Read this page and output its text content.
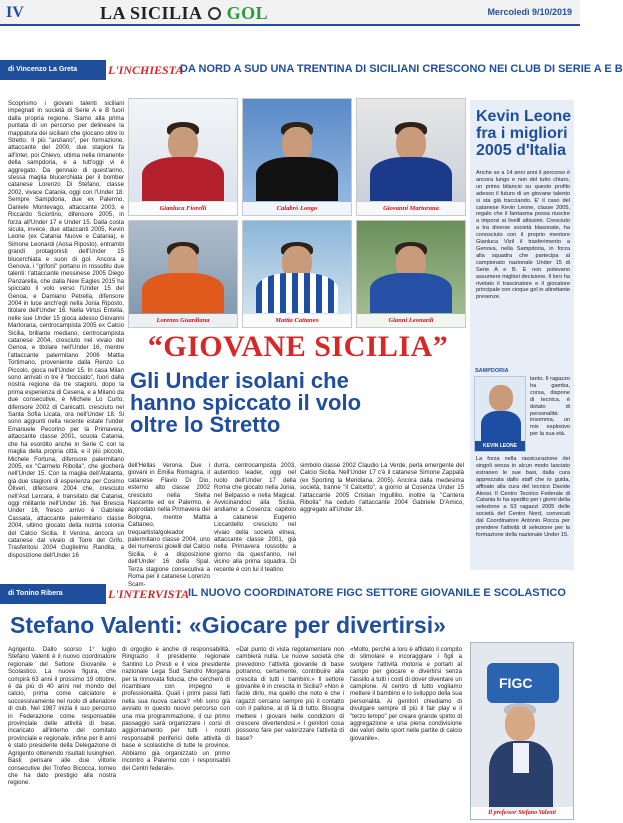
IV	LA SICILIA GOL	Mercoledì 9/10/2019
di Vincenzo La Greta	L'INCHIESTA
DA NORD A SUD UNA TRENTINA DI SICILIANI CRESCONO NEI CLUB DI SERIE A E B
Scoprismo i giovani talenti siciliani impegnati in società di Serie A e B fuori dalla propria regione. Siamo alla prima puntata di un percorso per delineare la mappatura dei siciliani che giocano oltre lo Stretto. Il più "anziano", per formazione, attaccante del 2000, due stagioni fa all'Inter, poi Chievo, ultima nella rimanente della sampdoria, e a tutt'oggi vi è aggregato. Da gennaio di quest'anno, stessa maglia blucerchiata per il bomber catanese Lorenzo Di Stefano, classe 2002, vivace Catania, oggi con l'Under 18. Sempre Sampdoria, due ex Palermo, Daniele Montevago, attaccante 2003, e Riccardo Sciortino, difensore 2005, in forza all'Under 17 e Under 15. Dalla costa sicula, invece, due attaccanti 2005, Kevin Leone (ex Catania Nuove e Catania), e Simone Leonardi (Aosa Riposto), entrambi grandi protagonisti dell'Under 15 blucerchiata e suon di gol. Ancora a Genova, i "grifoni" portano in rossoblu due talenti: l'attaccante messinese 2005 Diego Panzarella, che dalla New Eagles 2015 ha spiccato il volo verso l'Under 15 del Genoa, e Damiano Petrella, difensore 2004 in luce anch'egli nella Jonia Riposto, titolare dell'Under 16. Nella Virtus Entella, nelle sue Under 15 gioca adesso Giovanni Martorana, centrocampista 2005 ex Calcio Sicilia, brillante mediano, centrocampista catanese 2004, cresciuto nel vivaio del Genoa, e titolare nell'Under 16, mentre l'attaccante palermitano 2006 Mattia Tortimano, proveniente dalla Renzo Lo Piccolo, gioca nell'Under 15. In casa Milan sono arrivati in tre il "bocciato", fuori dalla nostra regione da tre stagioni, dopo la prima esperienza di Cesena, e a Milano da due consecutive, è Michele Lo Curto, difensore 2002 di Canicattì, cresciuto nel Santa Sofia Licata, ora nell'Under 18. Si sono aggiunti nella recente estate l'under Emanuele Pecorino per la Primavera, attaccante classe 2001, scuola Catania, che ha esordito anche in Serie C con la maglia della propria città, e il più piccolo, Michele Fortuna, difensore palermitano 2005, ex "Carmelo Ribolla", che giocherà nell'Under 15. Con la maglia dell'Atalanta, già due stagioni di esperienza per Cosimo Oliveri, difensore 2004 che, cresciuto nell'Asd Lercara, è transitato dal Catania, oggi militante nell'Under 16. Nei Brescia Under 16, fresco arrivo è Gabriele Cassata, attaccante palermitano classe 2004, ultimo giocato della nutrita colonia del Calcio Sicilia. Il Verona, ancora un catanese dal vivaio di Torre del Grifo. Trasferitosi 2004 Guglielmo Randita, a disposizione dell'Under 16
Gianluca Fiorelli	Calabrò Longo	Giovanni Martorana
Lorenzo Guardiana	Mattia Cattaneo	Gianni Leonardi
“GIOVANE SICILIA”
Gli Under isolani che hanno spiccato il volo oltre lo Stretto
dell'Hellas Verona. Due i giovani in Emilia Romagna, il catanese Flavio Di Dio, esterno alto classe 2002 cresciuto nella Stella Nascente ed ex Palermo, è approdato nella Primavera del Bologna, mentre Mattia Cattaneo, trequartista/goleador palermitano classe 2004, uno dei numerosi gioielli del Calcio Sicilia, è a disposizione dell'Under 16 della Spal. Terza stagione consecutiva a Roma per il catanese Lorenzo Scam-
durra, centrocampista 2003, autentico leader, oggi nel ruolo dell'Under 17 della Roma che giocato nella Jonia, nel Belpasso e nella Magical. Avvicinandoci alla Sicilia, andiamo a Cosenza: capitolo a catanese Eugenio Liccardello cresciuto nel vivaio della società etnea, attaccante classe 2001, già nella Primavera rossoblu a giorno da quest'anno, nel vicino alla prima squadra. Di recente è con lui il teatino
simbolo classe 2002 Claudio La Verde, perla emergente del Calcio Sicilia. Nell'Under 17 c'è il catanese Simone Zappalà (ex Sporting la Meridiana, 2005). Ancora dalla medesima società, tranne "il Calcetto", a giorno al Cosenza Under 15 l'attaccante 2005 Cristian Ingullilio, inoltre la "Cantera Ribolla" ha ceduto l'attaccante 2004 Gabriele D'Amico, aggregato all'Under 18.
Kevin Leone fra i migliori 2005 d'Italia
Anche se a 14 anni anni il percorso è ancora lungo e non del tutto chiaro, un primo bilancio su questo profilo adesso il futuro di un giovane talento si sta già tracciando. E' il caso del catanese Kevin Leone, classe 2005, regalo che il fantasma possa riuscire a imporsi ai livelli altissimi. Cresciuto a tra diverse società blasonate, ha conosciuto con il proprio mentore Gianluca Vizil il trasferimento a Genova, nella Sampdoria, in forza alla squadra che partecipa al campionato nazionale Under 15 di Serie A e B. E non potevano assumere migliori decisione. Il loro ha rivelato il trascinatore e il giocatore principale con cinque gol in altrettante presenze.
SAMPDORIA
KEVIN LEONE
tanto. Il ragazzo ha gamba, corsa, dispone di tecnica, è dotato di personalità: insomma, un mix esplosivo per la sua età.
La forza nella rassicurazione dei singoli senza in alcun modo lasciato estraneo le sue basi, dalla cura apprezzata dallo staff che lo guida, affinato alla cura del tecnico Davide Alessi. Il Centro Tecnico Federale di Catania lo ha spedito per i giorni della selezione a 63 ragazzi 2005 delle società del Centro Nord, convocati dal Coordinatore Antonio Rocca per prendere l'attività di selezione per la formazione della nazionale Under 15.
di Tonino Ribera	L'INTERVISTA
IL NUOVO COORDINATORE FIGC SETTORE GIOVANILE E SCOLASTICO
Stefano Valenti: «Giocare per divertirsi»
Agrigento. Dallo scorso 1° luglio Stefano Valenti è il nuovo coordinatore regionale del Settore Giovanile e Scolastico. La nuova figura, che compirà 63 anni il prossimo 19 ottobre, è da più di 40 anni nel mondo del calcio, prima come calciatore e successivamente nel ruolo di allenatore di club. Nel 1987 inizia il suo percorso in Federazione come responsabile provinciale delle attività di base, incaricato all'interno del comitato provinciale e regionale, infine per 8 anni è stato presidente della Delegazione di Agrigento ottenendo risultati lusinghieri. Basti pensare alle due vittorie consecutive del Trofeo Bicocca, torneo che ha dato prestigio alla nostra regione.
di orgoglio e anche di responsabilità. Ringrazio il presidente regionale Santino Lo Presti e il vice presidente nazionale Lega Sud Sandro Morgana per la rinnovata fiducia, che cercherò di ricambiare con impegno e professionalità. Quali i primi passi fatti nella sua nuova carica? «Mi sono già avviato in questo nuovo percorso con una mia programmazione, il cui primo passaggio sarà organizzare i corsi di aggiornamento per tutti i nostri responsabili periferici delle attività di base e scolastiche di tutte le province. Abbiamo già organizzato un primo incontro a Palermo con i responsabili dei Centri federali».
«Dal punto di vista regolamentare non cambierà nulla. Le nuove società che prevedono l'attività giovanile di base potranno, certamente, contribuire alla crescita di tutti i bambini.» Il settore giovanile è in crescita in Sicilia? «Non è facile dirlo, ma quello che noto è che i ragazzi cercano sempre più il contatto con il pallone, al di là di tutto. Bisogna mettere i giovani nelle condizioni di crescere divertendosi.» I genitori cosa possono fare per valorizzare l'attività di base?
«Molto, perché a loro è affidato il compito di stimolare e incoraggiare i figli a svolgere l'attività motoria e portarli al campo per giocare e divertirsi senza l'assillo a tutti i costi di dover diventare un campione. Al centro di tutto vogliamo mettere il bambino e lo sviluppo della sua personalità. Ai genitori chiediamo di divulgare sempre di più il fair play e il "terzo tempo" per creare grande spirito di aggregazione e una piena condivisione dei valori dello sport nelle partite di calcio giovanile».
FIGC
Il professor Stefano Valenti
